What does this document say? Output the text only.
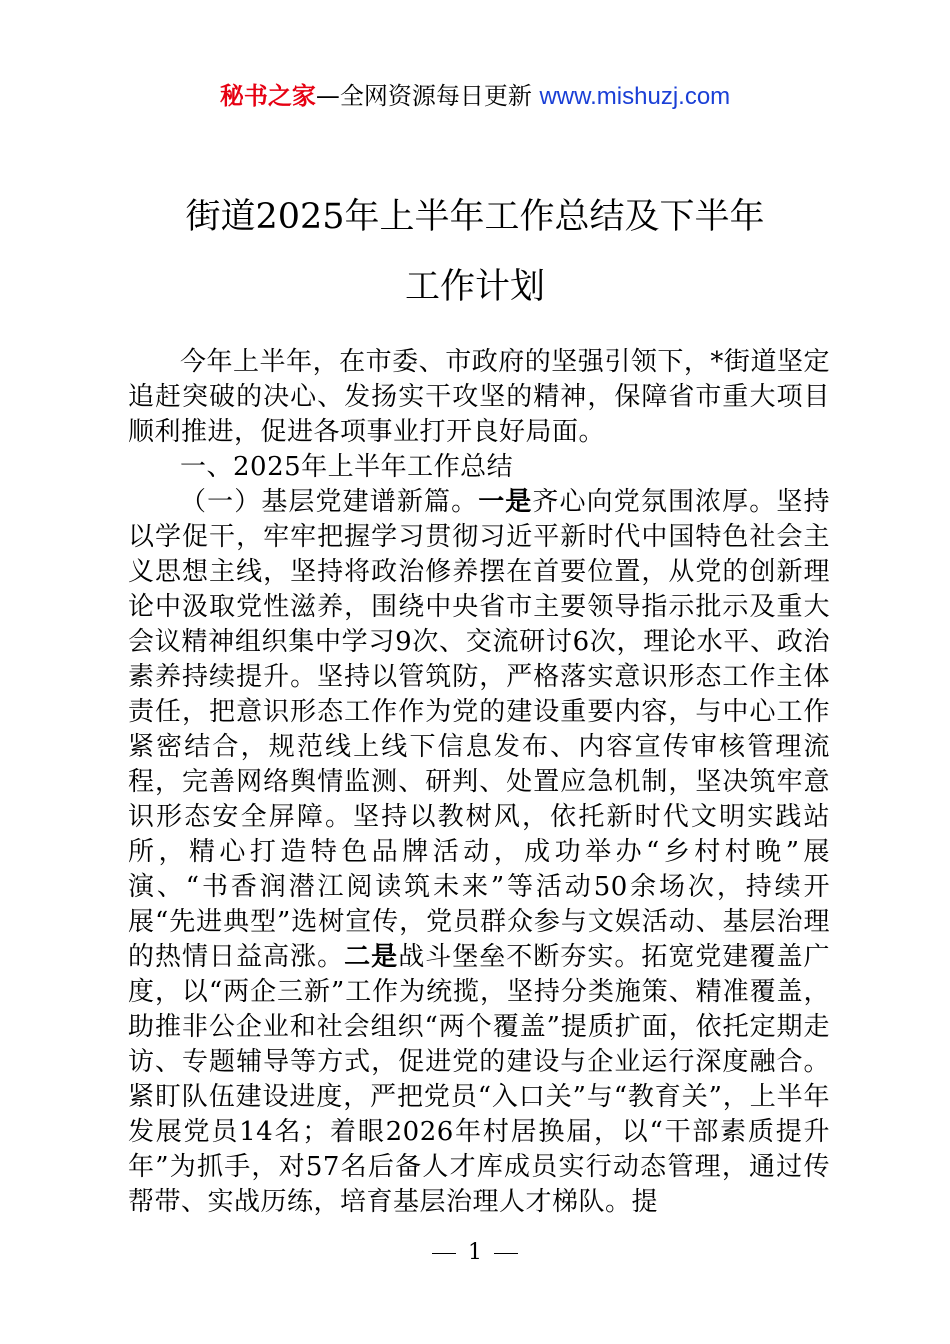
秘书之家—全网资源每日更新 www.mishuzj.com
街道2025年上半年工作总结及下半年
工作计划

今年上半年，在市委、市政府的坚强引领下，*街道坚定追赶突破的决心、发扬实干攻坚的精神，保障省市重大项目顺利推进，促进各项事业打开良好局面。

一、2025年上半年工作总结

（一）基层党建谱新篇。一是齐心向党氛围浓厚。坚持以学促干，牢牢把握学习贯彻习近平新时代中国特色社会主义思想主线，坚持将政治修养摆在首要位置，从党的创新理论中汲取党性滋养，围绕中央省市主要领导指示批示及重大会议精神组织集中学习9次、交流研讨6次，理论水平、政治素养持续提升。坚持以管筑防，严格落实意识形态工作主体责任，把意识形态工作作为党的建设重要内容，与中心工作紧密结合，规范线上线下信息发布、内容宣传审核管理流程，完善网络舆情监测、研判、处置应急机制，坚决筑牢意识形态安全屏障。坚持以教树风，依托新时代文明实践站所，精心打造特色品牌活动，成功举办“乡村村晚”展演、“书香润潜江阅读筑未来”等活动50余场次，持续开展“先进典型”选树宣传，党员群众参与文娱活动、基层治理的热情日益高涨。二是战斗堡垒不断夯实。拓宽党建覆盖广度，以“两企三新”工作为统揽，坚持分类施策、精准覆盖，助推非公企业和社会组织“两个覆盖”提质扩面，依托定期走访、专题辅导等方式，促进党的建设与企业运行深度融合。紧盯队伍建设进度，严把党员“入口关”与“教育关”，上半年发展党员14名；着眼2026年村居换届，以“干部素质提升年”为抓手，对57名后备人才库成员实行动态管理，通过传帮带、实战历练，培育基层治理人才梯队。提

1
